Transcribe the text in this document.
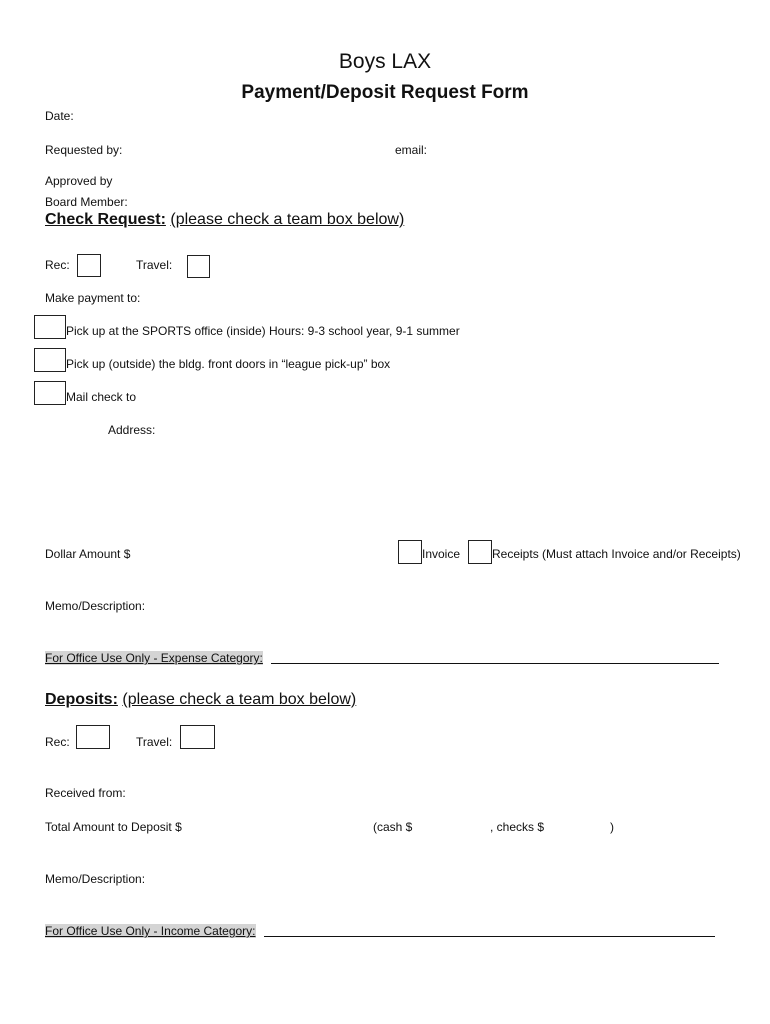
Boys LAX
Payment/Deposit Request Form
Date:
Requested by:	email:
Approved by
Board Member:
Check Request: (please check a team box below)
Rec:	Travel:
Make payment to:
Pick up at the SPORTS office (inside) Hours: 9-3 school year, 9-1 summer
Pick up (outside) the bldg. front doors in “league pick-up” box
Mail check to
Address:
Dollar Amount $	Invoice	Receipts (Must attach Invoice and/or Receipts)
Memo/Description:
For Office Use Only - Expense Category:
Deposits: (please check a team box below)
Rec:	Travel:
Received from:
Total Amount to Deposit $	(cash $	, checks $	)
Memo/Description:
For Office Use Only - Income Category:
